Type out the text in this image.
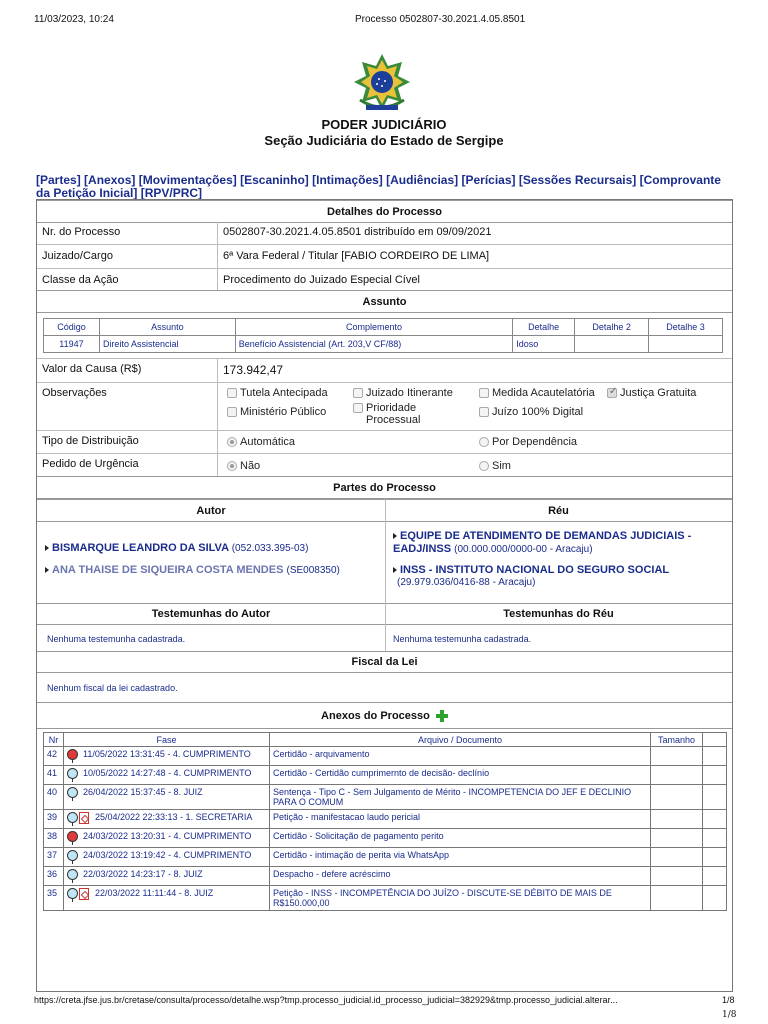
11/03/2023, 10:24	Processo 0502807-30.2021.4.05.8501
PODER JUDICIÁRIO
Seção Judiciária do Estado de Sergipe
[Partes] [Anexos] [Movimentações] [Escaninho] [Intimações] [Audiências] [Perícias] [Sessões Recursais] [Comprovante da Petição Inicial] [RPV/PRC]
Detalhes do Processo
Nr. do Processo	0502807-30.2021.4.05.8501 distribuído em 09/09/2021
Juizado/Cargo	6ª Vara Federal / Titular [FABIO CORDEIRO DE LIMA]
Classe da Ação	Procedimento do Juizado Especial Cível
Assunto
Código	Assunto	Complemento	Detalhe	Detalhe 2	Detalhe 3
11947	Direito Assistencial	Benefício Assistencial (Art. 203,V CF/88)	Idoso		
Valor da Causa (R$)	173.942,47
Observações	Tutela Antecipada	Juizado Itinerante	Medida Acautelatória ✓ Justiça Gratuita
Ministério Público	Prioridade Processual
Juízo 100% Digital
Tipo de Distribuição	Automática	Por Dependência
Pedido de Urgência	Não	Sim
Partes do Processo
Autor	Réu
BISMARQUE LEANDRO DA SILVA (052.033.395-03)
ANA THAISE DE SIQUEIRA COSTA MENDES (SE008350)
EQUIPE DE ATENDIMENTO DE DEMANDAS JUDICIAIS - EADJ/INSS (00.000.000/0000-00 - Aracaju)
INSS - INSTITUTO NACIONAL DO SEGURO SOCIAL
(29.979.036/0416-88 - Aracaju)
Testemunhas do Autor	Testemunhas do Réu
Nenhuma testemunha cadastrada.	Nenhuma testemunha cadastrada.
Fiscal da Lei
Nenhum fiscal da lei cadastrado.
Anexos do Processo
Nr	Fase	Arquivo / Documento	Tamanho	
42	11/05/2022 13:31:45 - 4. CUMPRIMENTO	Certidão - arquivamento		
41	10/05/2022 14:27:48 - 4. CUMPRIMENTO	Certidão - Certidão cumprimernto de decisão- declínio		
40	26/04/2022 15:37:45 - 8. JUIZ	Sentença - Tipo C - Sem Julgamento de Mérito - INCOMPETENCIA DO JEF E DECLINIO PARA O COMUM		
39	25/04/2022 22:33:13 - 1. SECRETARIA	Petição - manifestacao laudo pericial		
38	24/03/2022 13:20:31 - 4. CUMPRIMENTO	Certidão - Solicitação de pagamento perito		
37	24/03/2022 13:19:42 - 4. CUMPRIMENTO	Certidão - intimação de perita via WhatsApp		
36	22/03/2022 14:23:17 - 8. JUIZ	Despacho - defere acréscimo		
35	22/03/2022 11:11:44 - 8. JUIZ	Petição - INSS - INCOMPETÊNCIA DO JUÍZO - DISCUTE-SE DÉBITO DE MAIS DE R$150.000,00		
https://creta.jfse.jus.br/cretase/consulta/processo/detalhe.wsp?tmp.processo_judicial.id_processo_judicial=382929&tmp.processo_judicial.alterar...	1/8
1/8
